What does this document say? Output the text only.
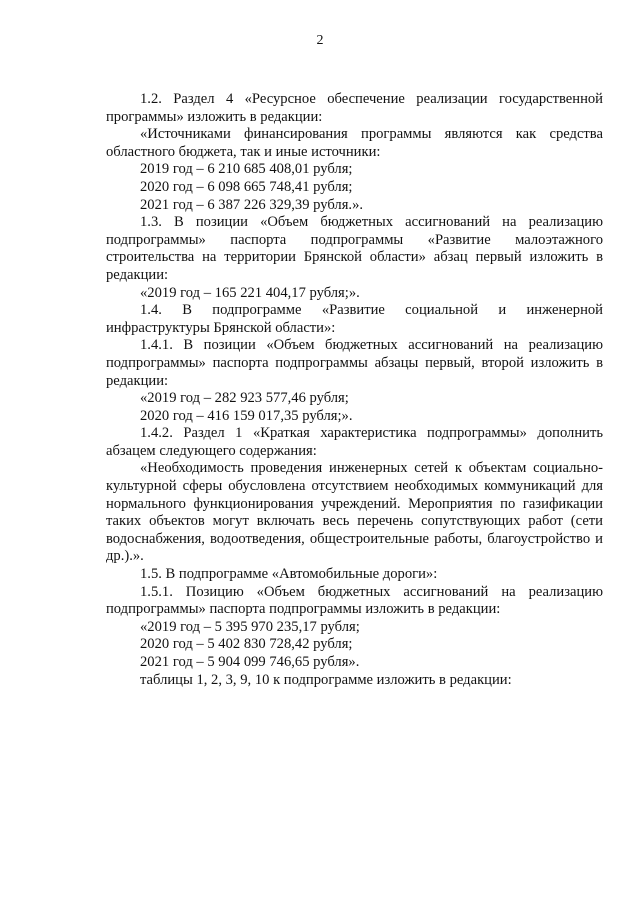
2

1.2. Раздел 4 «Ресурсное обеспечение реализации государственной программы» изложить в редакции:

«Источниками финансирования программы являются как средства областного бюджета, так и иные источники:

2019 год – 6 210 685 408,01 рубля;

2020 год – 6 098 665 748,41 рубля;

2021 год – 6 387 226 329,39 рубля.».

1.3. В позиции «Объем бюджетных ассигнований на реализацию подпрограммы» паспорта подпрограммы «Развитие малоэтажного строительства на территории Брянской области» абзац первый изложить в редакции:

«2019 год – 165 221 404,17 рубля;».

1.4. В подпрограмме «Развитие социальной и инженерной инфраструктуры Брянской области»:

1.4.1. В позиции «Объем бюджетных ассигнований на реализацию подпрограммы» паспорта подпрограммы абзацы первый, второй изложить в редакции:

«2019 год – 282 923 577,46 рубля;

2020 год – 416 159 017,35 рубля;».

1.4.2. Раздел 1 «Краткая характеристика подпрограммы» дополнить абзацем следующего содержания:

«Необходимость проведения инженерных сетей к объектам социально-культурной сферы обусловлена отсутствием необходимых коммуникаций для нормального функционирования учреждений. Мероприятия по газификации таких объектов могут включать весь перечень сопутствующих работ (сети водоснабжения, водоотведения, общестроительные работы, благоустройство и др.).».

1.5. В подпрограмме «Автомобильные дороги»:

1.5.1. Позицию «Объем бюджетных ассигнований на реализацию подпрограммы» паспорта подпрограммы изложить в редакции:

«2019 год – 5 395 970 235,17 рубля;

2020 год – 5 402 830 728,42 рубля;

2021 год – 5 904 099 746,65 рубля».

таблицы 1, 2, 3, 9, 10 к подпрограмме изложить в редакции:
